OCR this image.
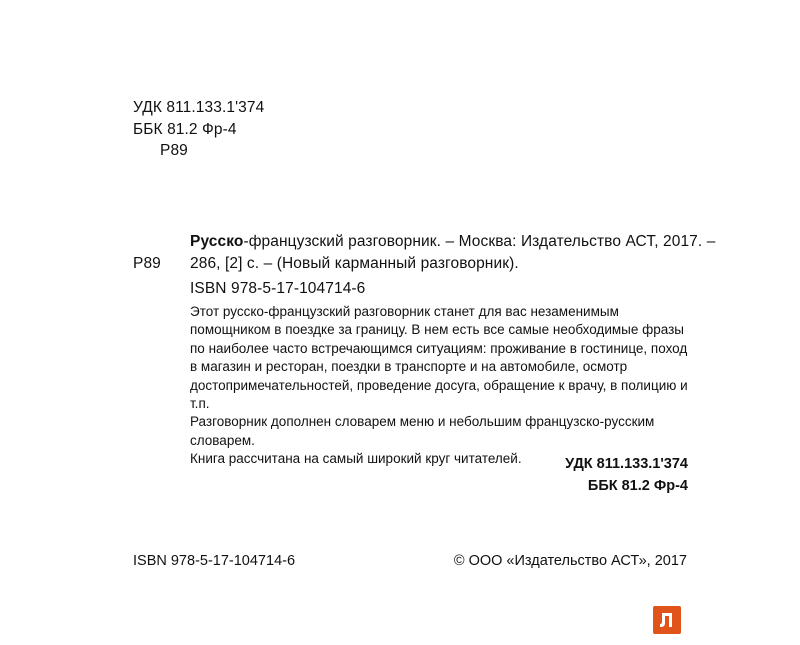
УДК 811.133.1'374
ББК 81.2 Фр-4
Р89
Русско-французский разговорник. – Москва: Издательство АСТ, 2017. –
Р89 286, [2] с. – (Новый карманный разговорник).
ISBN 978-5-17-104714-6

Этот русско-французский разговорник станет для вас незаменимым помощником в поездке за границу. В нем есть все самые необходимые фразы по наиболее часто встречающимся ситуациям: проживание в гостинице, поход в магазин и ресторан, поездки в транспорте и на автомобиле, осмотр достопримечательностей, проведение досуга, обращение к врачу, в полицию и т.п.

Разговорник дополнен словарем меню и небольшим французско-русским словарем.

Книга рассчитана на самый широкий круг читателей.	УДК 811.133.1'374
ББК 81.2 Фр-4
ISBN 978-5-17-104714-6	© ООО «Издательство АСТ», 2017
